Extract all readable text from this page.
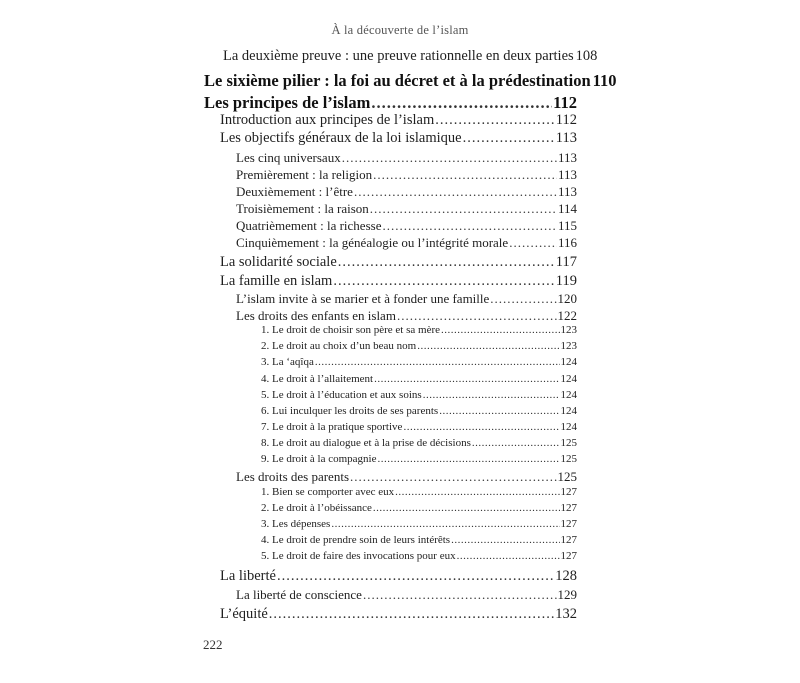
À la découverte de l’islam
La deuxième preuve : une preuve rationnelle en deux parties 108
Le sixième pilier : la foi au décret et à la prédestination 110
Les principes de l’islam .....	112
Introduction aux principes de l’islam .....	112
Les objectifs généraux de la loi islamique .....	113
Les cinq universaux .....	113
Premièrement : la religion .....	113
Deuxièmement : l’être .....	113
Troisièmement : la raison .....	114
Quatrièmement : la richesse .....	115
Cinquièmement : la généalogie ou l’intégrité morale .....	116
La solidarité sociale .....	117
La famille en islam .....	119
L’islam invite à se marier et à fonder une famille .....	120
Les droits des enfants en islam .....	122
1. Le droit de choisir son père et sa mère .....	123
2. Le droit au choix d’un beau nom .....	123
3. La ‘aqîqa .....	124
4. Le droit à l’allaitement .....	124
5. Le droit à l’éducation et aux soins .....	124
6. Lui inculquer les droits de ses parents .....	124
7. Le droit à la pratique sportive .....	124
8. Le droit au dialogue et à la prise de décisions .....	125
9. Le droit à la compagnie .....	125
Les droits des parents .....	125
1. Bien se comporter avec eux .....	127
2. Le droit à l’obéissance .....	127
3. Les dépenses .....	127
4. Le droit de prendre soin de leurs intérêts .....	127
5. Le droit de faire des invocations pour eux .....	127
La liberté .....	128
La liberté de conscience .....	129
L’équité .....	132
222
